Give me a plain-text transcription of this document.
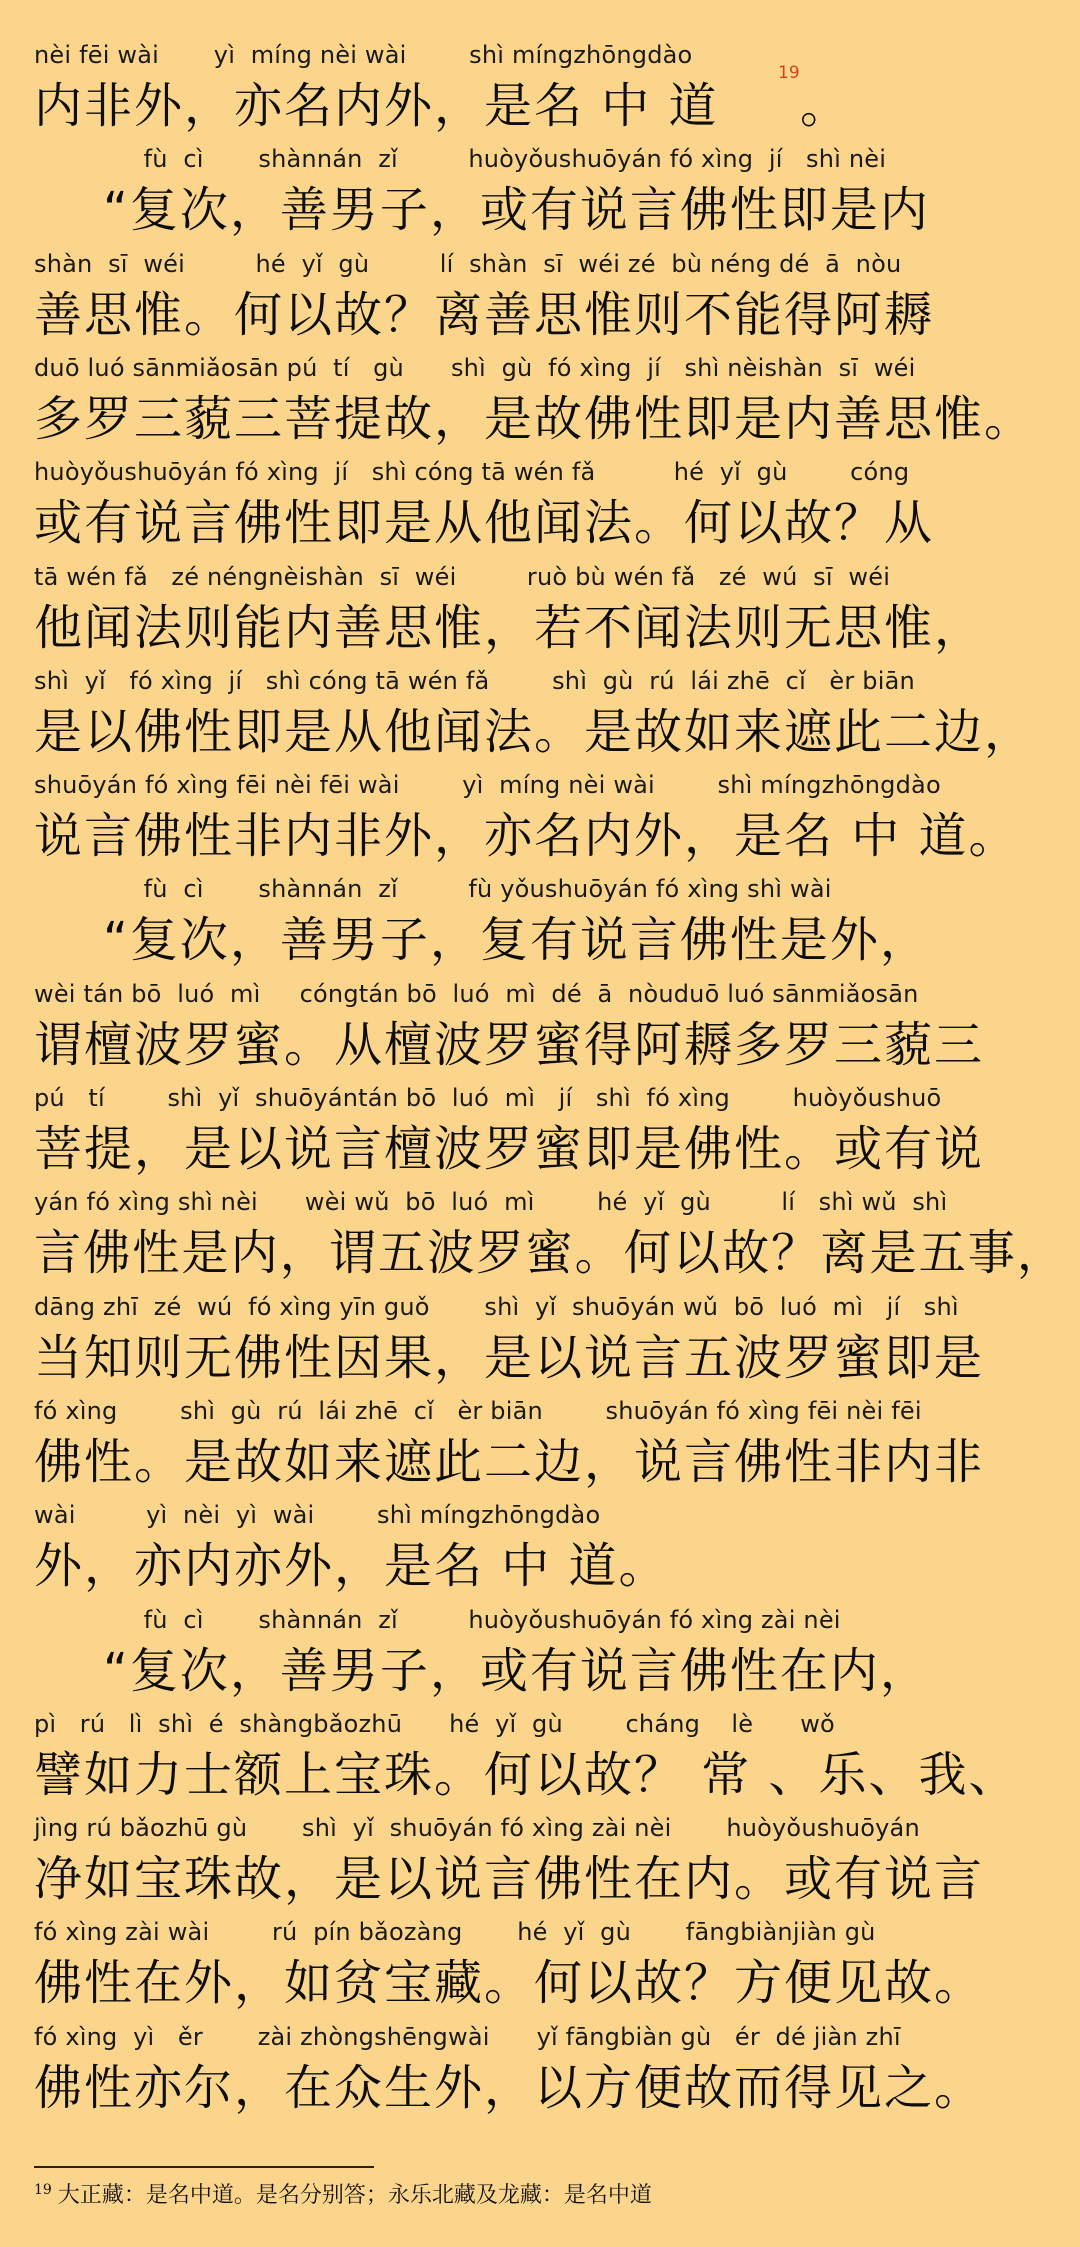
nèi fēi wài       yì  míng nèi wài        shì míngzhōngdào
内非外，亦名内外，是名 中 道
19
。
fù  cì       shànnán  zǐ         huòyǒushuōyán fó xìng  jí   shì nèi
“复次，善男子，或有说言佛性即是内
shàn  sī  wéi         hé  yǐ  gù         lí  shàn  sī  wéi zé  bù néng dé  ā  nòu
善思惟。何以故？离善思惟则不能得阿耨
duō luó sānmiǎosān pú  tí   gù      shì  gù  fó xìng  jí   shì nèishàn  sī  wéi
多罗三藐三菩提故，是故佛性即是内善思惟。
huòyǒushuōyán fó xìng  jí   shì cóng tā wén fǎ          hé  yǐ  gù        cóng
或有说言佛性即是从他闻法。何以故？从
tā wén fǎ   zé néngnèishàn  sī  wéi         ruò bù wén fǎ   zé  wú  sī  wéi
他闻法则能内善思惟，若不闻法则无思惟，
shì  yǐ   fó xìng  jí   shì cóng tā wén fǎ        shì  gù  rú  lái zhē  cǐ   èr biān
是以佛性即是从他闻法。是故如来遮此二边，
shuōyán fó xìng fēi nèi fēi wài        yì  míng nèi wài        shì míngzhōngdào
说言佛性非内非外，亦名内外，是名 中 道。
fù  cì       shànnán  zǐ         fù yǒushuōyán fó xìng shì wài
“复次，善男子，复有说言佛性是外，
wèi tán bō  luó  mì     cóngtán bō  luó  mì  dé  ā  nòuduō luó sānmiǎosān
谓檀波罗蜜。从檀波罗蜜得阿耨多罗三藐三
pú   tí        shì  yǐ  shuōyántán bō  luó  mì   jí   shì  fó xìng        huòyǒushuō
菩提，是以说言檀波罗蜜即是佛性。或有说
yán fó xìng shì nèi      wèi wǔ  bō  luó  mì        hé  yǐ  gù         lí   shì wǔ  shì
言佛性是内，谓五波罗蜜。何以故？离是五事，
dāng zhī  zé  wú  fó xìng yīn guǒ       shì  yǐ  shuōyán wǔ  bō  luó  mì   jí   shì
当知则无佛性因果，是以说言五波罗蜜即是
fó xìng        shì  gù  rú  lái zhē  cǐ   èr biān        shuōyán fó xìng fēi nèi fēi
佛性。是故如来遮此二边，说言佛性非内非
wài         yì  nèi  yì  wài        shì míngzhōngdào
外，亦内亦外，是名 中 道。
fù  cì       shànnán  zǐ         huòyǒushuōyán fó xìng zài nèi
“复次，善男子，或有说言佛性在内，
pì   rú   lì  shì  é  shàngbǎozhū      hé  yǐ  gù        cháng    lè      wǒ
譬如力士额上宝珠。何以故？ 常 、乐、我、
jìng rú bǎozhū gù       shì  yǐ  shuōyán fó xìng zài nèi       huòyǒushuōyán
净如宝珠故，是以说言佛性在内。或有说言
fó xìng zài wài        rú  pín bǎozàng       hé  yǐ  gù       fāngbiànjiàn gù
佛性在外，如贫宝藏。何以故？方便见故。
fó xìng  yì   ěr       zài zhòngshēngwài      yǐ fāngbiàn gù   ér  dé jiàn zhī
佛性亦尔，在众生外，以方便故而得见之。
$^{19}$ 大正藏：是名中道。是名分别答；永乐北藏及龙藏：是名中道
